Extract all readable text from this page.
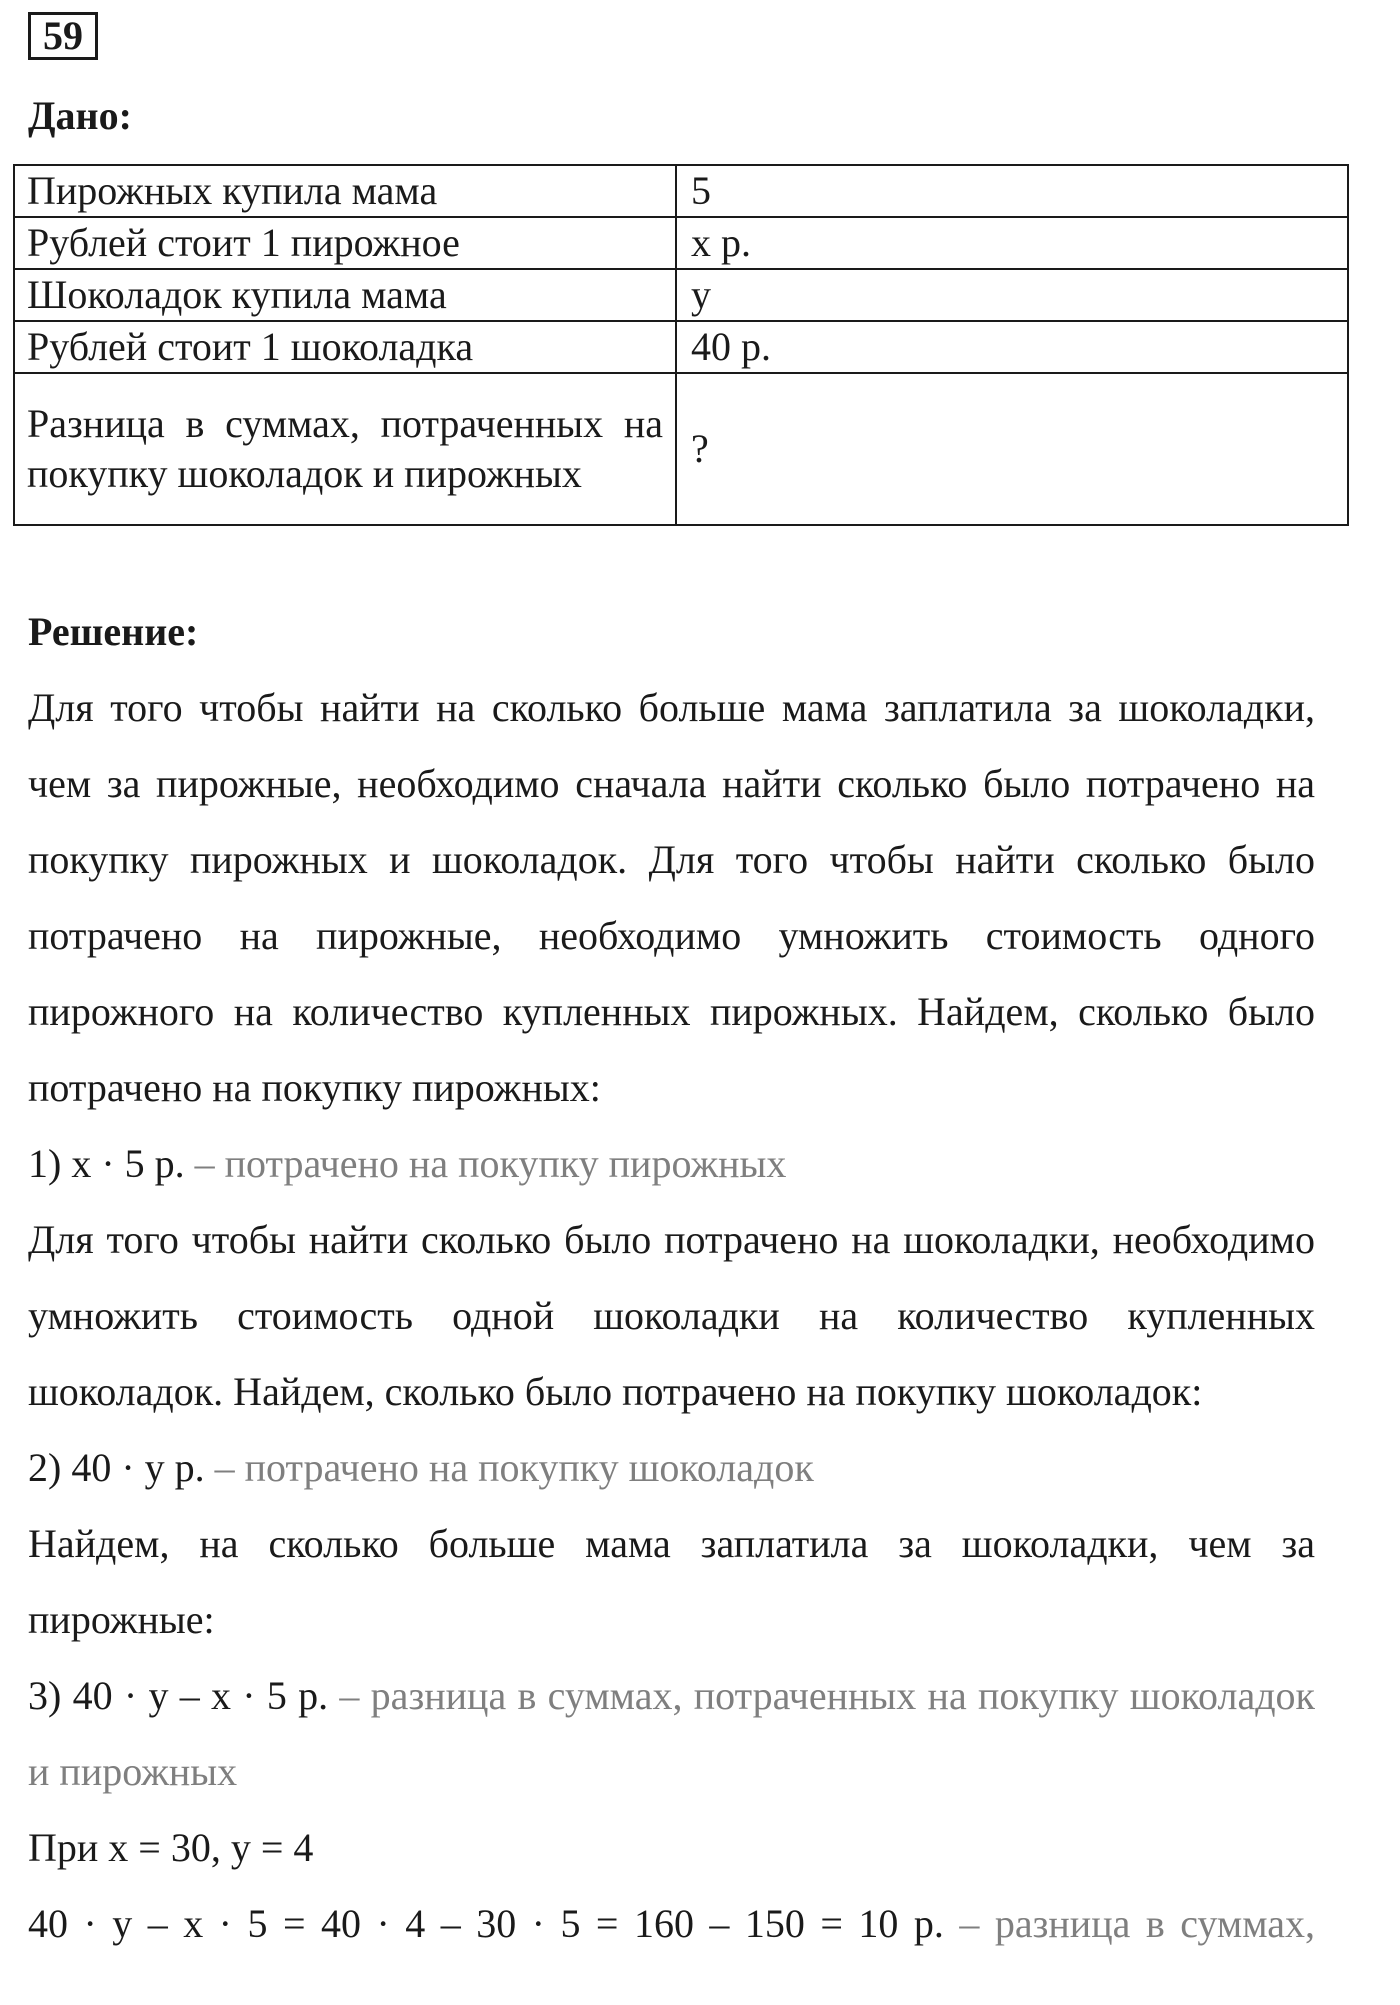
59
Дано:
Пирожных купила мама	5
Рублей стоит 1 пирожное	x р.
Шоколадок купила мама	y
Рублей стоит 1 шоколадка	40 р.
Разница в суммах, потраченных на покупку шоколадок и пирожных	?
Решение:

Для того чтобы найти на сколько больше мама заплатила за шоколадки, чем за пирожные, необходимо сначала найти сколько было потрачено на покупку пирожных и шоколадок. Для того чтобы найти сколько было потрачено на пирожные, необходимо умножить стоимость одного пирожного на количество купленных пирожных. Найдем, сколько было потрачено на покупку пирожных:

1) x · 5 р. – потрачено на покупку пирожных

Для того чтобы найти сколько было потрачено на шоколадки, необходимо умножить стоимость одной шоколадки на количество купленных шоколадок. Найдем, сколько было потрачено на покупку шоколадок:

2) 40 · y р. – потрачено на покупку шоколадок

Найдем, на сколько больше мама заплатила за шоколадки, чем за пирожные:

3) 40 · y – x · 5 р. – разница в суммах, потраченных на покупку шоколадок и пирожных

При x = 30, y = 4

40 · y – x · 5 = 40 · 4 – 30 · 5 = 160 – 150 = 10 р. – разница в суммах,
